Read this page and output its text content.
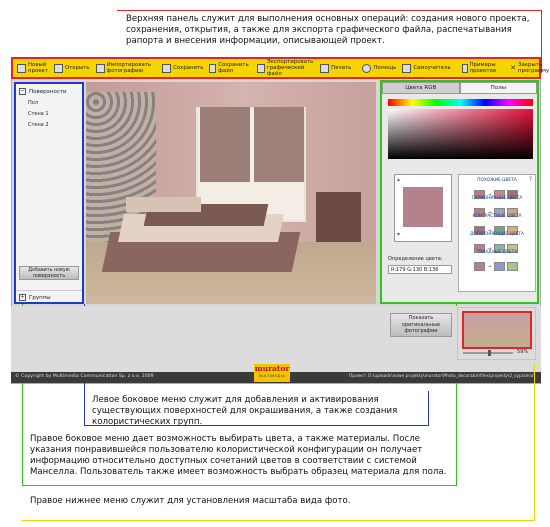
Верхняя панель служит для выполнения основных операций: создания нового проекта, сохранения, открытия, а также для экспорта графического файла, распечатывания рапорта и внесения информации, описывающей проект.
Новый
проект	Открыть	Импортировать
фотографию	Сохранить	Сохранить файл
Экспортировать
графический файл
Печать	Помощь	Самоучитель	Примеры проектов	✕ Закрыть программу
− Поверхности
Пол
Стена 1
Стена 2
Добавить новую
поверхность
+ Группы
Цвета RGB	Полы
▴
▾
Определение цвета:
R:179 G:130 B:136
?
ПОХОЖИЕ ЦВЕТА
→
ГАРМОНИЧНЫЕ ЦВЕТА
→
КОНТРАСТНЫЕ ЦВЕТА
→
ДОПОЛНЯЮЩИЕ ЦВЕТА
→
ТРИАДНЫЕ ЦВЕТА
→
Показать
оригинальные
фотографии
59%
© Copyright by Multimedia Communication Sp. z o.o. 2009	Проект: D:\uploads\nowe projekty\murator\Photo_decorator\files\projekty\2_sypialnia\
murator
MULTIMEDIA
Левое боковое меню служит для добавления и активирования существующих поверхностей для окрашивания, а также создания колористических групп.
Правое боковое меню дает возможность выбирать цвета, а также материалы. После указания понравившейся пользователю колористической конфигурации он получает информацию относительно доступных сочетаний цветов в соответствии с системой Манселла. Пользователь также имеет возможность выбрать образец материала для пола.
Правое нижнее меню служит для установления масштаба вида фото.
